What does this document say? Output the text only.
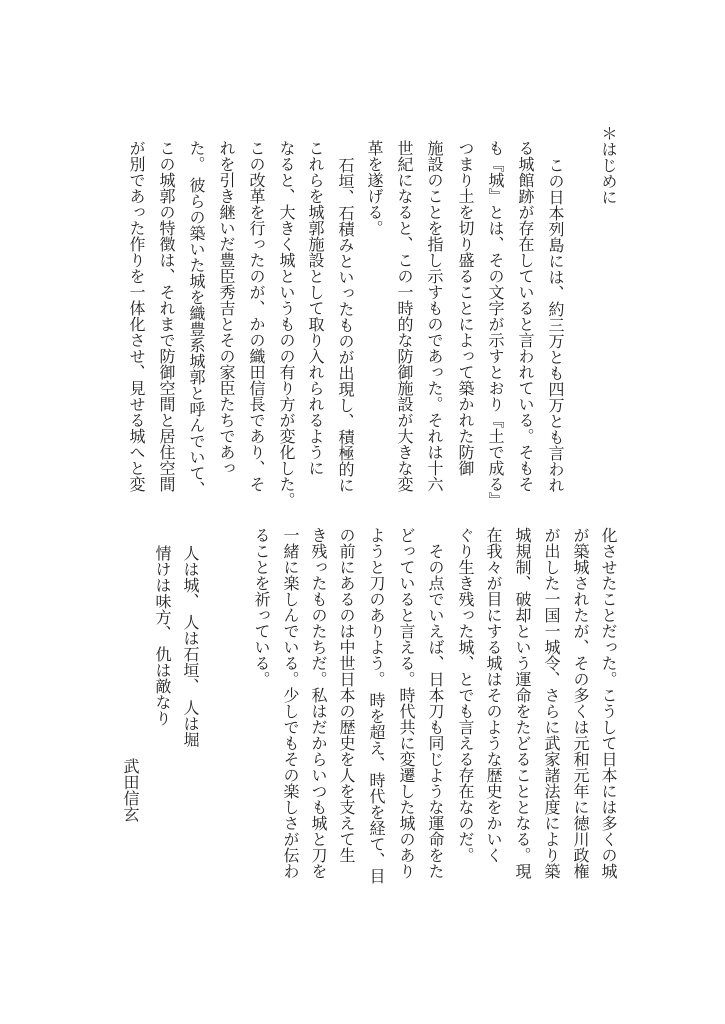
＊はじめに
この日本列島には、約三万とも四万とも言われ
る城館跡が存在していると言われている。そもそ
も『城』とは、その文字が示すとおり『土で成る』
つまり土を切り盛ることによって築かれた防御
施設のことを指し示すものであった。それは十六
世紀になると、この一時的な防御施設が大きな変
革を遂げる。
石垣、石積みといったものが出現し、積極的に
これらを城郭施設として取り入れられるように
なると、大きく城というものの有り方が変化した。
この改革を行ったのが、かの織田信長であり、そ
れを引き継いだ豊臣秀吉とその家臣たちであっ
た。 彼らの築いた城を織豊系城郭と呼んでいて、
この城郭の特徴は、それまで防御空間と居住空間
が別であった作りを一体化させ、見せる城へと変
化させたことだった。こうして日本には多くの城
が築城されたが、その多くは元和元年に徳川政権
が出した一国一城令、さらに武家諸法度により築
城規制、破却という運命をたどることとなる。現
在我々が目にする城はそのような歴史をかいく
ぐり生き残った城、とでも言える存在なのだ。
その点でいえば、日本刀も同じような運命をた
どっていると言える。時代共に変遷した城のあり
ようと刀のありよう。 時を超え、時代を経て、目
の前にあるのは中世日本の歴史を人を支えて生
き残ったものたちだ。私はだからいつも城と刀を
一緒に楽しんでいる。少しでもその楽しさが伝わ
ることを祈っている。
人は城、 人は石垣、 人は堀
情けは味方、 仇は敵なり
武田信玄
